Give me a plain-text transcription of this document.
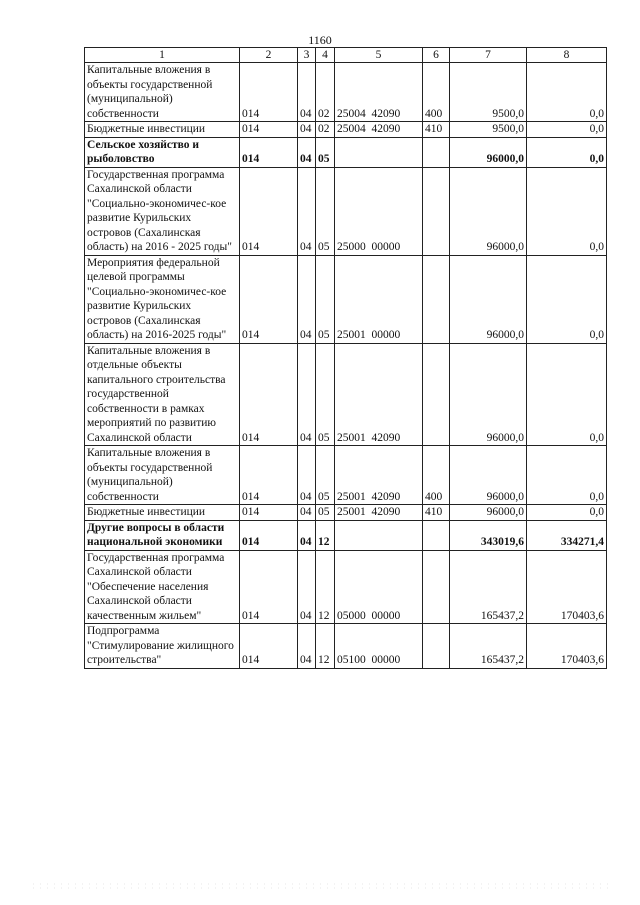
1160
1	2	3	4	5	6	7	8
Капитальные вложения в объекты государственной (муниципальной) собственности	014	04	02	25004  42090	400	9500,0	0,0
Бюджетные инвестиции	014	04	02	25004  42090	410	9500,0	0,0
Сельское хозяйство и рыболовство	014	04	05			96000,0	0,0
Государственная программа Сахалинской области "Социально-экономичес-кое развитие Курильских островов (Сахалинская область) на 2016 - 2025 годы"	014	04	05	25000  00000		96000,0	0,0
Мероприятия федеральной целевой программы "Социально-экономичес-кое развитие Курильских островов (Сахалинская область) на 2016-2025 годы"	014	04	05	25001  00000		96000,0	0,0
Капитальные вложения в отдельные объекты капитального строительства государственной собственности в рамках мероприятий по развитию Сахалинской области	014	04	05	25001  42090		96000,0	0,0
Капитальные вложения в объекты государственной (муниципальной) собственности	014	04	05	25001  42090	400	96000,0	0,0
Бюджетные инвестиции	014	04	05	25001  42090	410	96000,0	0,0
Другие вопросы в области национальной экономики	014	04	12			343019,6	334271,4
Государственная программа Сахалинской области "Обеспечение населения Сахалинской области качественным жильем"	014	04	12	05000  00000		165437,2	170403,6
Подпрограмма "Стимулирование жилищного строительства"	014	04	12	05100  00000		165437,2	170403,6
